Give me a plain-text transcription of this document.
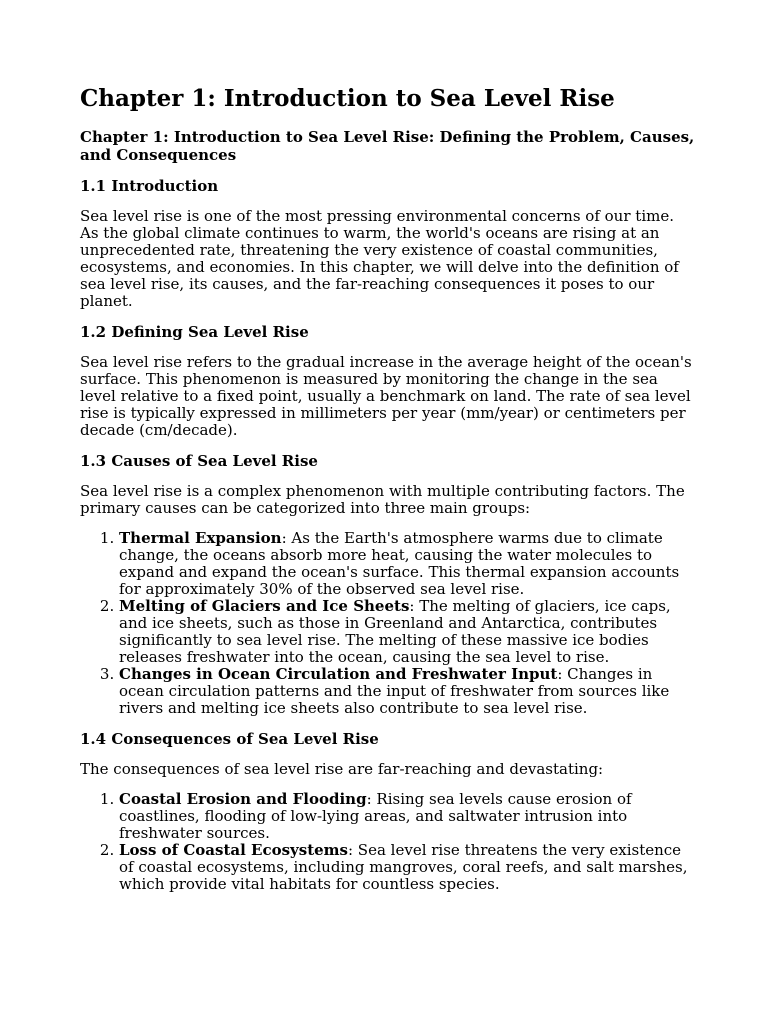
Chapter 1: Introduction to Sea Level Rise
Chapter 1: Introduction to Sea Level Rise: Defining the Problem, Causes, and Consequences
1.1 Introduction

Sea level rise is one of the most pressing environmental concerns of our time. As the global climate continues to warm, the world's oceans are rising at an unprecedented rate, threatening the very existence of coastal communities, ecosystems, and economies. In this chapter, we will delve into the definition of sea level rise, its causes, and the far-reaching consequences it poses to our planet.

1.2 Defining Sea Level Rise

Sea level rise refers to the gradual increase in the average height of the ocean's surface. This phenomenon is measured by monitoring the change in the sea level relative to a fixed point, usually a benchmark on land. The rate of sea level rise is typically expressed in millimeters per year (mm/year) or centimeters per decade (cm/decade).

1.3 Causes of Sea Level Rise

Sea level rise is a complex phenomenon with multiple contributing factors. The primary causes can be categorized into three main groups:

1. Thermal Expansion: As the Earth's atmosphere warms due to climate change, the oceans absorb more heat, causing the water molecules to expand and expand the ocean's surface. This thermal expansion accounts for approximately 30% of the observed sea level rise.
2. Melting of Glaciers and Ice Sheets: The melting of glaciers, ice caps, and ice sheets, such as those in Greenland and Antarctica, contributes significantly to sea level rise. The melting of these massive ice bodies releases freshwater into the ocean, causing the sea level to rise.
3. Changes in Ocean Circulation and Freshwater Input: Changes in ocean circulation patterns and the input of freshwater from sources like rivers and melting ice sheets also contribute to sea level rise.
1.4 Consequences of Sea Level Rise

The consequences of sea level rise are far-reaching and devastating:

1. Coastal Erosion and Flooding: Rising sea levels cause erosion of coastlines, flooding of low-lying areas, and saltwater intrusion into freshwater sources.
2. Loss of Coastal Ecosystems: Sea level rise threatens the very existence of coastal ecosystems, including mangroves, coral reefs, and salt marshes, which provide vital habitats for countless species.
